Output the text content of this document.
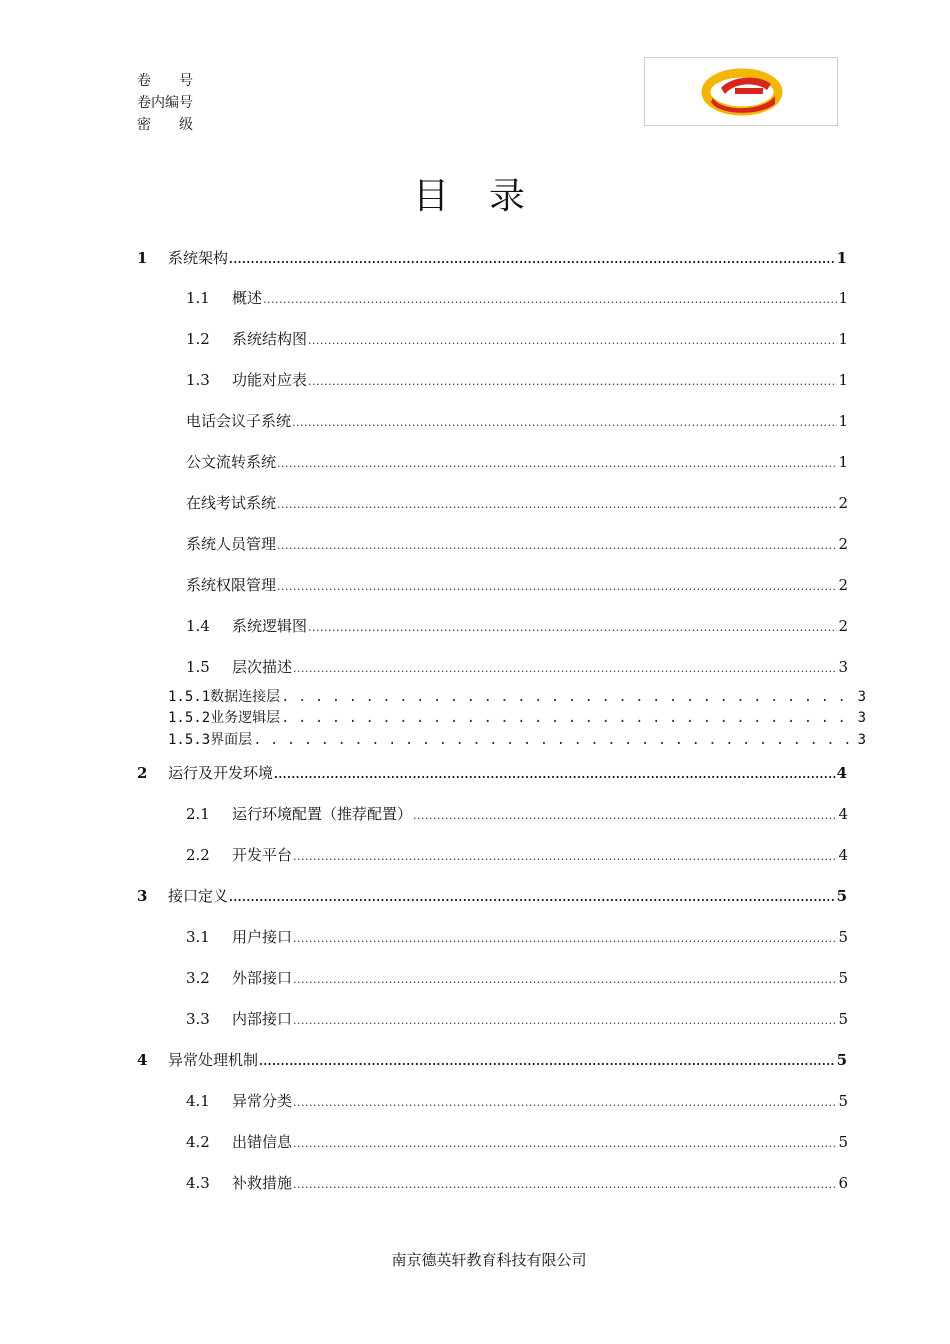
卷　　号
卷内编号
密　　级
目录
1	系统架构 .....	1
1.1	概述 .....	1
1.2	系统结构图 .....	1
1.3	功能对应表 .....	1
电话会议子系统 .....	1
公文流转系统 .....	1
在线考试系统 .....	2
系统人员管理 .....	2
系统权限管理 .....	2
1.4	系统逻辑图 .....	2
1.5	层次描述 .....	3
1.5.1 数据连接层 . . .	3
1.5.2 业务逻辑层 . . .	3
1.5.3 界面层 . . .	3
2	运行及开发环境 .....	4
2.1	运行环境配置（推荐配置） .....	4
2.2	开发平台 .....	4
3	接口定义 .....	5
3.1	用户接口 .....	5
3.2	外部接口 .....	5
3.3	内部接口 .....	5
4	异常处理机制 .....	5
4.1	异常分类 .....	5
4.2	出错信息 .....	5
4.3	补救措施 .....	6
南京德英轩教育科技有限公司
